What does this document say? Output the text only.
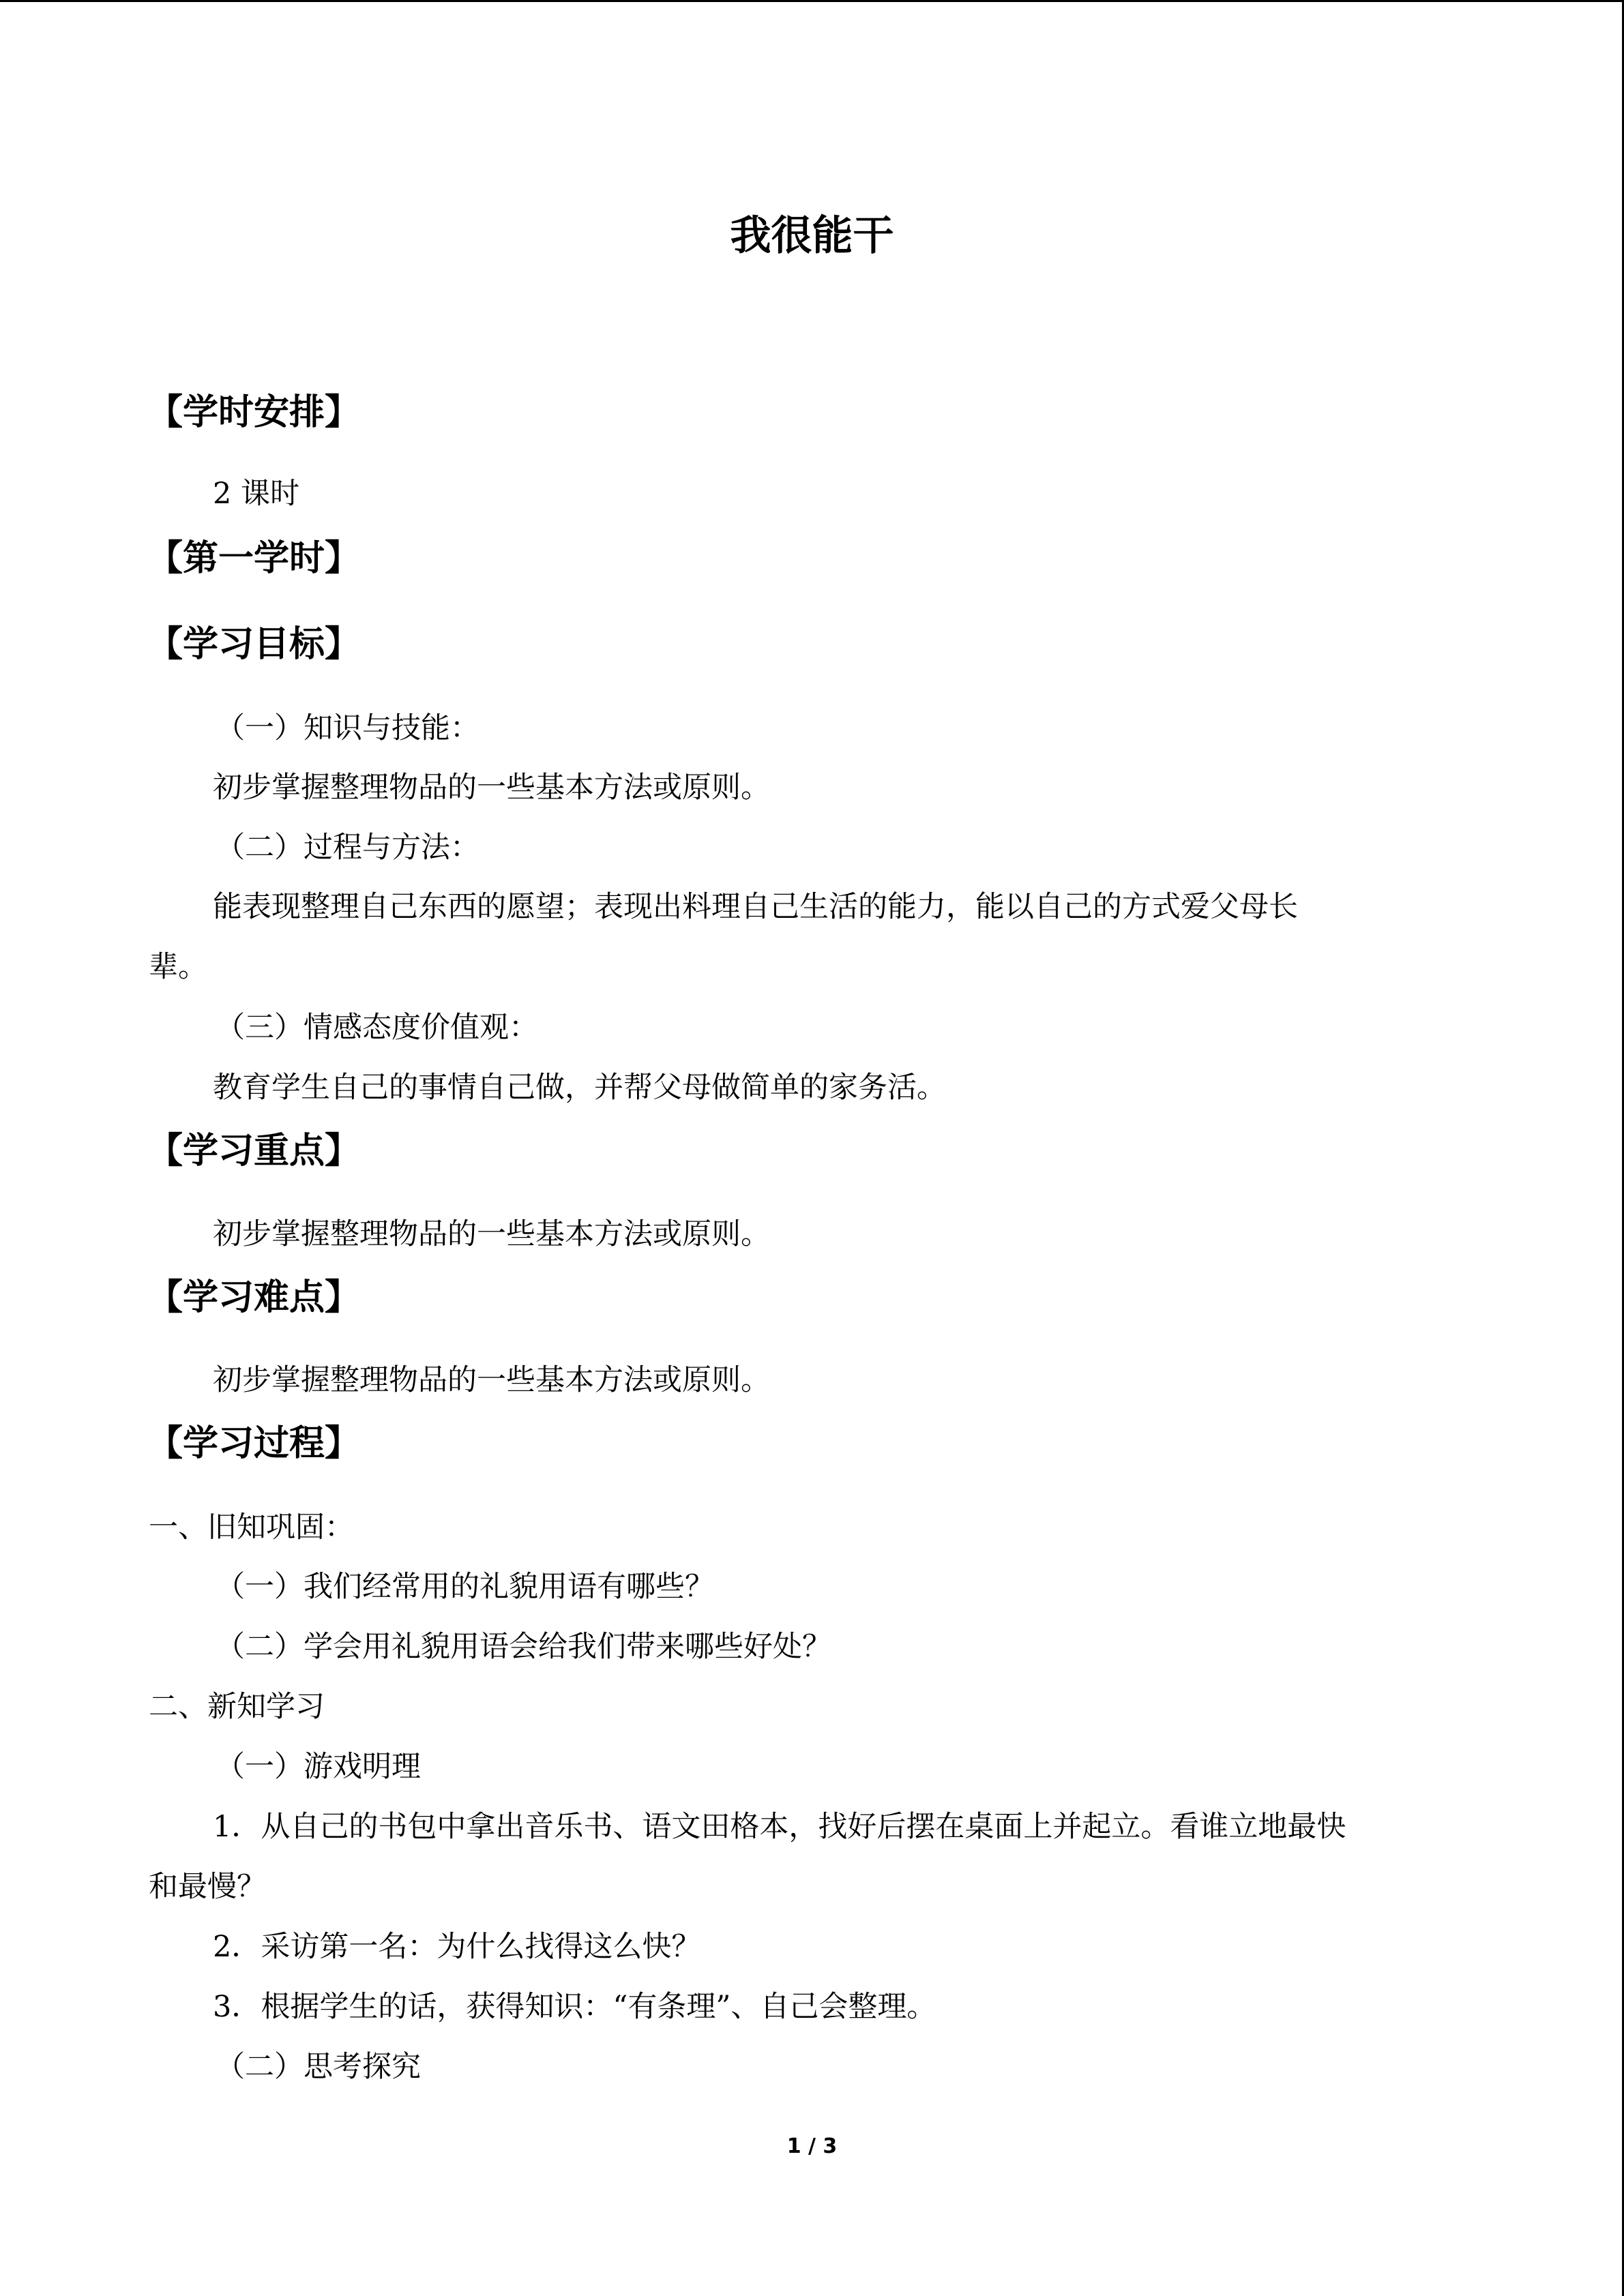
我很能干
【学时安排】
2 课时
【第一学时】
【学习目标】
（一）知识与技能：
初步掌握整理物品的一些基本方法或原则。
（二）过程与方法：
能表现整理自己东西的愿望；表现出料理自己生活的能力，能以自己的方式爱父母长
辈。
（三）情感态度价值观：
教育学生自己的事情自己做，并帮父母做简单的家务活。
【学习重点】
初步掌握整理物品的一些基本方法或原则。
【学习难点】
初步掌握整理物品的一些基本方法或原则。
【学习过程】
一、旧知巩固：
（一）我们经常用的礼貌用语有哪些？
（二）学会用礼貌用语会给我们带来哪些好处？
二、新知学习
（一）游戏明理
1．从自己的书包中拿出音乐书、语文田格本，找好后摆在桌面上并起立。看谁立地最快
和最慢？
2．采访第一名：为什么找得这么快？
3．根据学生的话，获得知识：“有条理”、自己会整理。
（二）思考探究
1 / 3
